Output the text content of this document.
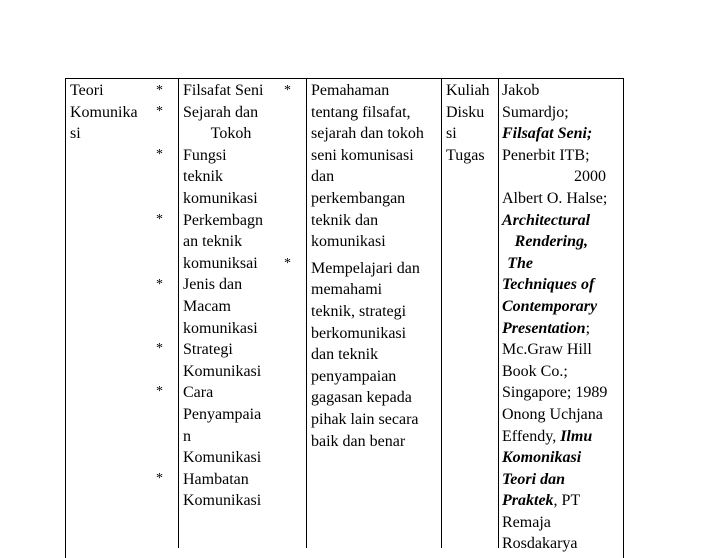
Teori
Komunika
si
*
*
*
*
*
*
*
*
Filsafat Seni
Sejarah dan
Tokoh
Fungsi
teknik
komunikasi
Perkembagn
an teknik
komuniksai
Jenis dan
Macam
komunikasi
Strategi
Komunikasi
Cara
Penyampaia
n
Komunikasi
Hambatan
Komunikasi
*
*
Pemahaman
tentang filsafat,
sejarah dan tokoh
seni komunisasi
dan
perkembangan
teknik dan
komunikasi
Mempelajari dan
memahami
teknik, strategi
berkomunikasi
dan teknik
penyampaian
gagasan kepada
pihak lain secara
baik dan benar
Kuliah
Disku
si
Tugas
Jakob
Sumardjo;
Filsafat Seni;
Penerbit ITB;
2000
Albert O. Halse;
Architectural
Rendering,
The
Techniques of
Contemporary
Presentation;
Mc.Graw Hill
Book Co.;
Singapore; 1989
Onong Uchjana
Effendy, Ilmu
Komonikasi
Teori dan
Praktek, PT
Remaja
Rosdakarya
